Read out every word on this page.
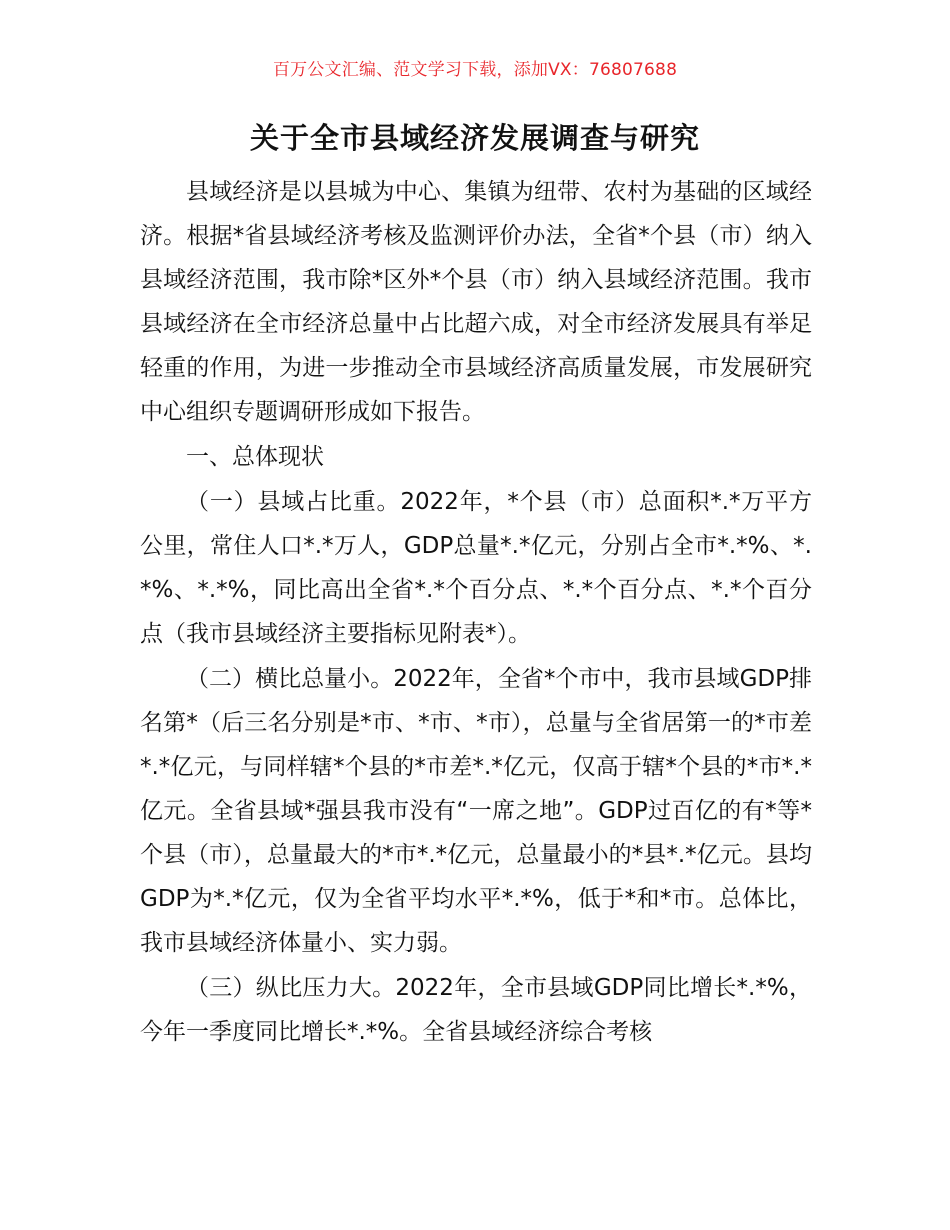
百万公文汇编、范文学习下载，添加VX：76807688
关于全市县域经济发展调查与研究

县域经济是以县城为中心、集镇为纽带、农村为基础的区域经济。根据*省县域经济考核及监测评价办法，全省*个县（市）纳入县域经济范围，我市除*区外*个县（市）纳入县域经济范围。我市县域经济在全市经济总量中占比超六成，对全市经济发展具有举足轻重的作用，为进一步推动全市县域经济高质量发展，市发展研究中心组织专题调研形成如下报告。

一、总体现状

（一）县域占比重。2022年，*个县（市）总面积*.*万平方公里，常住人口*.*万人，GDP总量*.*亿元，分别占全市*.*%、*.*%、*.*%，同比高出全省*.*个百分点、*.*个百分点、*.*个百分点（我市县域经济主要指标见附表*）。

（二）横比总量小。2022年，全省*个市中，我市县域GDP排名第*（后三名分别是*市、*市、*市），总量与全省居第一的*市差*.*亿元，与同样辖*个县的*市差*.*亿元，仅高于辖*个县的*市*.*亿元。全省县域*强县我市没有“一席之地”。GDP过百亿的有*等*个县（市），总量最大的*市*.*亿元，总量最小的*县*.*亿元。县均GDP为*.*亿元，仅为全省平均水平*.*%，低于*和*市。总体比，我市县域经济体量小、实力弱。

（三）纵比压力大。2022年，全市县域GDP同比增长*.*%，今年一季度同比增长*.*%。全省县域经济综合考核
